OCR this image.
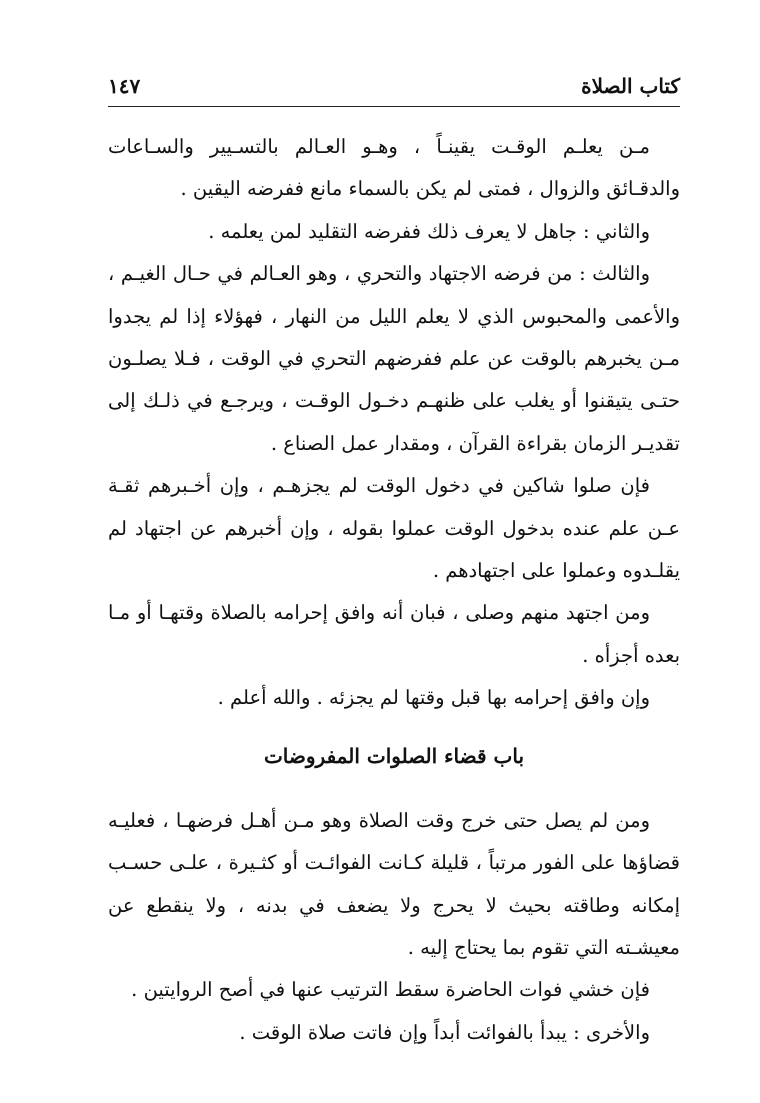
كتاب الصلاة
١٤٧

مـن يعلـم الوقـت يقينـاً ، وهـو العـالم بالتسـيير والسـاعات والدقـائق والزوال ، فمتى لم يكن بالسماء مانع ففرضه اليقين .

والثاني : جاهل لا يعرف ذلك ففرضه التقليد لمن يعلمه .

والثالث : من فرضه الاجتهاد والتحري ، وهو العـالم في حـال الغيـم ، والأعمى والمحبوس الذي لا يعلم الليل من النهار ، فهؤلاء إذا لم يجدوا مـن يخبرهم بالوقت عن علم ففرضهم التحري في الوقت ، فـلا يصلـون حتـى يتيقنوا أو يغلب على ظنهـم دخـول الوقـت ، ويرجـع في ذلـك إلى تقديـر الزمان بقراءة القرآن ، ومقدار عمل الصناع .

فإن صلوا شاكين في دخول الوقت لم يجزهـم ، وإن أخـبرهم ثقـة عـن علم عنده بدخول الوقت عملوا بقوله ، وإن أخبرهم عن اجتهاد لم يقلـدوه وعملوا على اجتهادهم .

ومن اجتهد منهم وصلى ، فبان أنه وافق إحرامه بالصلاة وقتهـا أو مـا بعده أجزأه .

وإن وافق إحرامه بها قبل وقتها لم يجزئه . والله أعلم .

باب قضاء الصلوات المفروضات

ومن لم يصل حتى خرج وقت الصلاة وهو مـن أهـل فرضهـا ، فعليـه قضاؤها على الفور مرتباً ، قليلة كـانت الفوائـت أو كثـيرة ، علـى حسـب إمكانه وطاقته بحيث لا يحرج ولا يضعف في بدنه ، ولا ينقطع عن معيشـته التي تقوم بما يحتاج إليه .

فإن خشي فوات الحاضرة سقط الترتيب عنها في أصح الروايتين .

والأخرى : يبدأ بالفوائت أبداً وإن فاتت صلاة الوقت .
